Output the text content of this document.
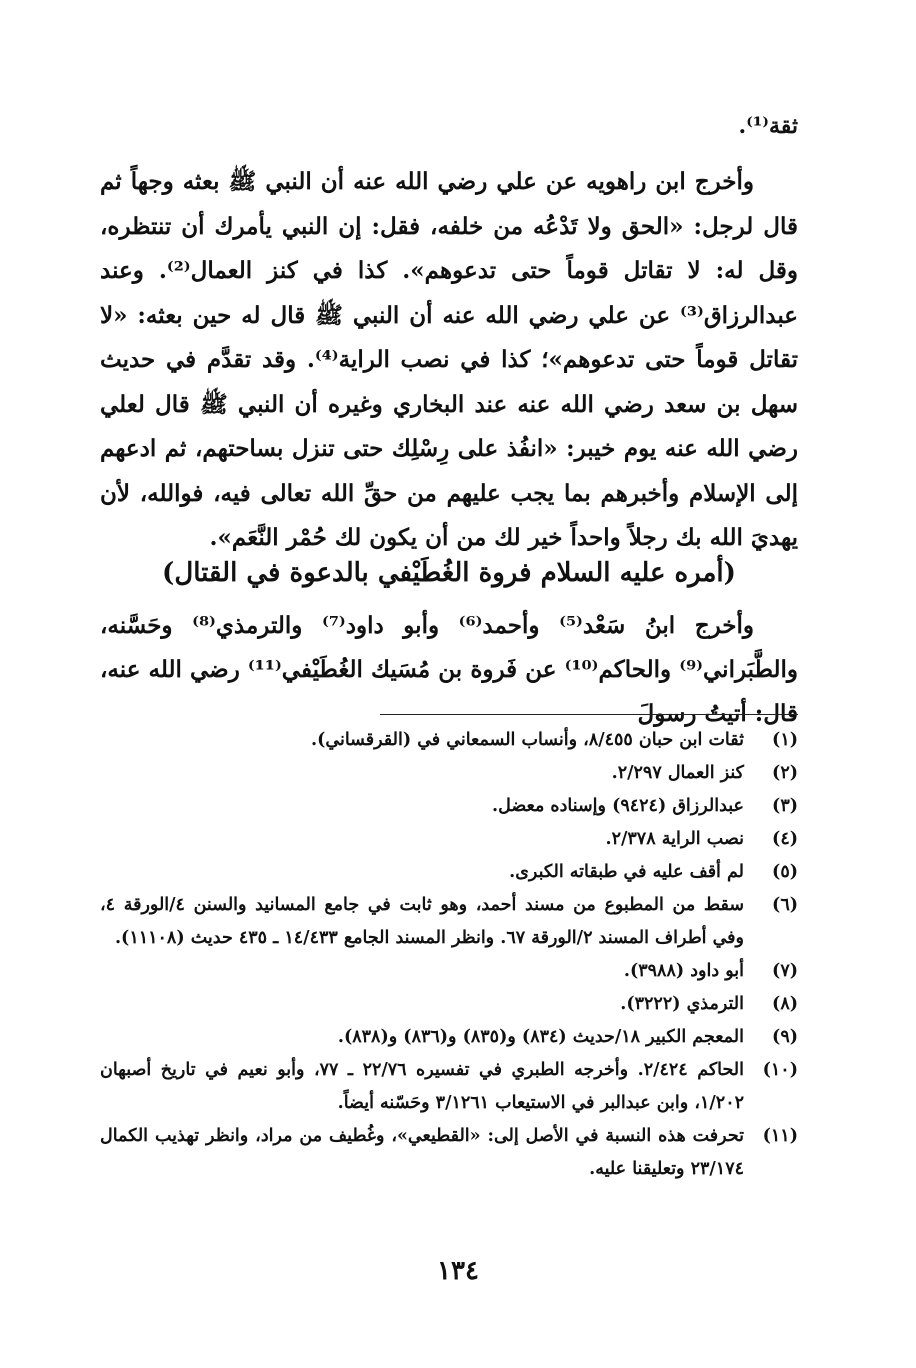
ثقة⁽¹⁾.

وأخرج ابن راهويه عن علي رضي الله عنه أن النبي ﷺ بعثه وجهاً ثم قال لرجل: «الحق ولا تَدْعُه من خلفه، فقل: إن النبي يأمرك أن تنتظره، وقل له: لا تقاتل قوماً حتى تدعوهم». كذا في كنز العمال⁽²⁾. وعند عبدالرزاق⁽³⁾ عن علي رضي الله عنه أن النبي ﷺ قال له حين بعثه: «لا تقاتل قوماً حتى تدعوهم»؛ كذا في نصب الراية⁽⁴⁾. وقد تقدَّم في حديث سهل بن سعد رضي الله عنه عند البخاري وغيره أن النبي ﷺ قال لعلي رضي الله عنه يوم خيبر: «انفُذ على رِسْلِك حتى تنزل بساحتهم، ثم ادعهم إلى الإسلام وأخبرهم بما يجب عليهم من حقِّ الله تعالى فيه، فوالله، لأن يهديَ الله بك رجلاً واحداً خير لك من أن يكون لك حُمْر النَّعَم».

(أمره عليه السلام فروة الغُطَيْفي بالدعوة في القتال)

وأخرج ابنُ سَعْد⁽⁵⁾ وأحمد⁽⁶⁾ وأبو داود⁽⁷⁾ والترمذي⁽⁸⁾ وحَسَّنه، والطَّبَراني⁽⁹⁾ والحاكم⁽¹⁰⁾ عن فَروة بن مُسَيك الغُطَيْفي⁽¹¹⁾ رضي الله عنه، قال: أتيتُ رسولَ

(١)
ثقات ابن حبان ٨/٤٥٥، وأنساب السمعاني في (القرقساني).
(٢)
كنز العمال ٢/٢٩٧.
(٣)
عبدالرزاق (٩٤٢٤) وإسناده معضل.
(٤)
نصب الراية ٢/٣٧٨.
(٥)
لم أقف عليه في طبقاته الكبرى.
(٦)
سقط من المطبوع من مسند أحمد، وهو ثابت في جامع المسانيد والسنن ٤/الورقة ٤، وفي أطراف المسند ٢/الورقة ٦٧. وانظر المسند الجامع ١٤/٤٣٣ ـ ٤٣٥ حديث (١١١٠٨).
(٧)
أبو داود (٣٩٨٨).
(٨)
الترمذي (٣٢٢٢).
(٩)
المعجم الكبير ١٨/حديث (٨٣٤) و(٨٣٥) و(٨٣٦) و(٨٣٨).
(١٠)
الحاكم ٢/٤٢٤. وأخرجه الطبري في تفسيره ٢٢/٧٦ ـ ٧٧، وأبو نعيم في تاريخ أصبهان ١/٢٠٢، وابن عبدالبر في الاستيعاب ٣/١٢٦١ وحَسّنه أيضاً.
(١١)
تحرفت هذه النسبة في الأصل إلى: «القطيعي»، وغُطيف من مراد، وانظر تهذيب الكمال ٢٣/١٧٤ وتعليقنا عليه.
١٣٤
